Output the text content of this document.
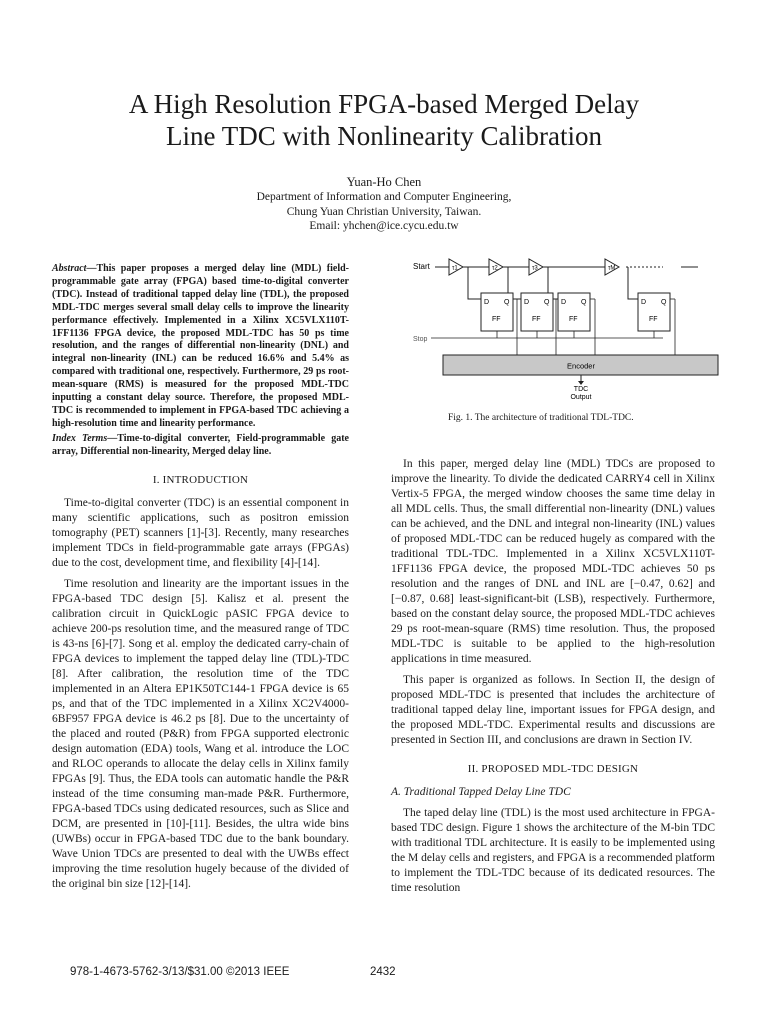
A High Resolution FPGA-based Merged Delay
Line TDC with Nonlinearity Calibration
Yuan-Ho Chen
Department of Information and Computer Engineering,
Chung Yuan Christian University, Taiwan.
Email: yhchen@ice.cycu.edu.tw

Abstract—This paper proposes a merged delay line (MDL) field-programmable gate array (FPGA) based time-to-digital converter (TDC). Instead of traditional tapped delay line (TDL), the proposed MDL-TDC merges several small delay cells to improve the linearity performance effectively. Implemented in a Xilinx XC5VLX110T-1FF1136 FPGA device, the proposed MDL-TDC has 50 ps time resolution, and the ranges of differential non-linearity (DNL) and integral non-linearity (INL) can be reduced 16.6% and 5.4% as compared with traditional one, respectively. Furthermore, 29 ps root-mean-square (RMS) is measured for the proposed MDL-TDC inputting a constant delay source. Therefore, the proposed MDL-TDC is recommended to implement in FPGA-based TDC achieving a high-resolution time and linearity performance.

Index Terms—Time-to-digital converter, Field-programmable gate array, Differential non-linearity, Merged delay line.

I. INTRODUCTION

Time-to-digital converter (TDC) is an essential component in many scientific applications, such as positron emission tomography (PET) scanners [1]-[3]. Recently, many researches implement TDCs in field-programmable gate arrays (FPGAs) due to the cost, development time, and flexibility [4]-[14].

Time resolution and linearity are the important issues in the FPGA-based TDC design [5]. Kalisz et al. present the calibration circuit in QuickLogic pASIC FPGA device to achieve 200-ps resolution time, and the measured range of TDC is 43-ns [6]-[7]. Song et al. employ the dedicated carry-chain of FPGA devices to implement the tapped delay line (TDL)-TDC [8]. After calibration, the resolution time of the TDC implemented in an Altera EP1K50TC144-1 FPGA device is 65 ps, and that of the TDC implemented in a Xilinx XC2V4000-6BF957 FPGA device is 46.2 ps [8]. Due to the uncertainty of the placed and routed (P&R) from FPGA supported electronic design automation (EDA) tools, Wang et al. introduce the LOC and RLOC operands to allocate the delay cells in Xilinx family FPGAs [9]. Thus, the EDA tools can automatic handle the P&R instead of the time consuming man-made P&R. Furthermore, FPGA-based TDCs using dedicated resources, such as Slice and DCM, are presented in [10]-[11]. Besides, the ultra wide bins (UWBs) occur in FPGA-based TDC due to the bank boundary. Wave Union TDCs are presented to deal with the UWBs effect improving the time resolution hugely because of the divided of the original bin size [12]-[14].

Start	τ1	τ2	τ3	τM
D Q
FF
D Q
FF
D Q
FF
D Q
FF
Stop
Encoder
TDC
Output
Fig. 1. The architecture of traditional TDL-TDC.

In this paper, merged delay line (MDL) TDCs are proposed to improve the linearity. To divide the dedicated CARRY4 cell in Xilinx Vertix-5 FPGA, the merged window chooses the same time delay in all MDL cells. Thus, the small differential non-linearity (DNL) values can be achieved, and the DNL and integral non-linearity (INL) values of proposed MDL-TDC can be reduced hugely as compared with the traditional TDL-TDC. Implemented in a Xilinx XC5VLX110T-1FF1136 FPGA device, the proposed MDL-TDC achieves 50 ps resolution and the ranges of DNL and INL are [−0.47, 0.62] and [−0.87, 0.68] least-significant-bit (LSB), respectively. Furthermore, based on the constant delay source, the proposed MDL-TDC achieves 29 ps root-mean-square (RMS) time resolution. Thus, the proposed MDL-TDC is suitable to be applied to the high-resolution applications in time measured.

This paper is organized as follows. In Section II, the design of proposed MDL-TDC is presented that includes the architecture of traditional tapped delay line, important issues for FPGA design, and the proposed MDL-TDC. Experimental results and discussions are presented in Section III, and conclusions are drawn in Section IV.

II. PROPOSED MDL-TDC DESIGN
A. Traditional Tapped Delay Line TDC

The taped delay line (TDL) is the most used architecture in FPGA-based TDC design. Figure 1 shows the architecture of the M-bin TDC with traditional TDL architecture. It is easily to be implemented using the M delay cells and registers, and FPGA is a recommended platform to implement the TDL-TDC because of its dedicated resources. The time resolution

978-1-4673-5762-3/13/$31.00 ©2013 IEEE	2432
